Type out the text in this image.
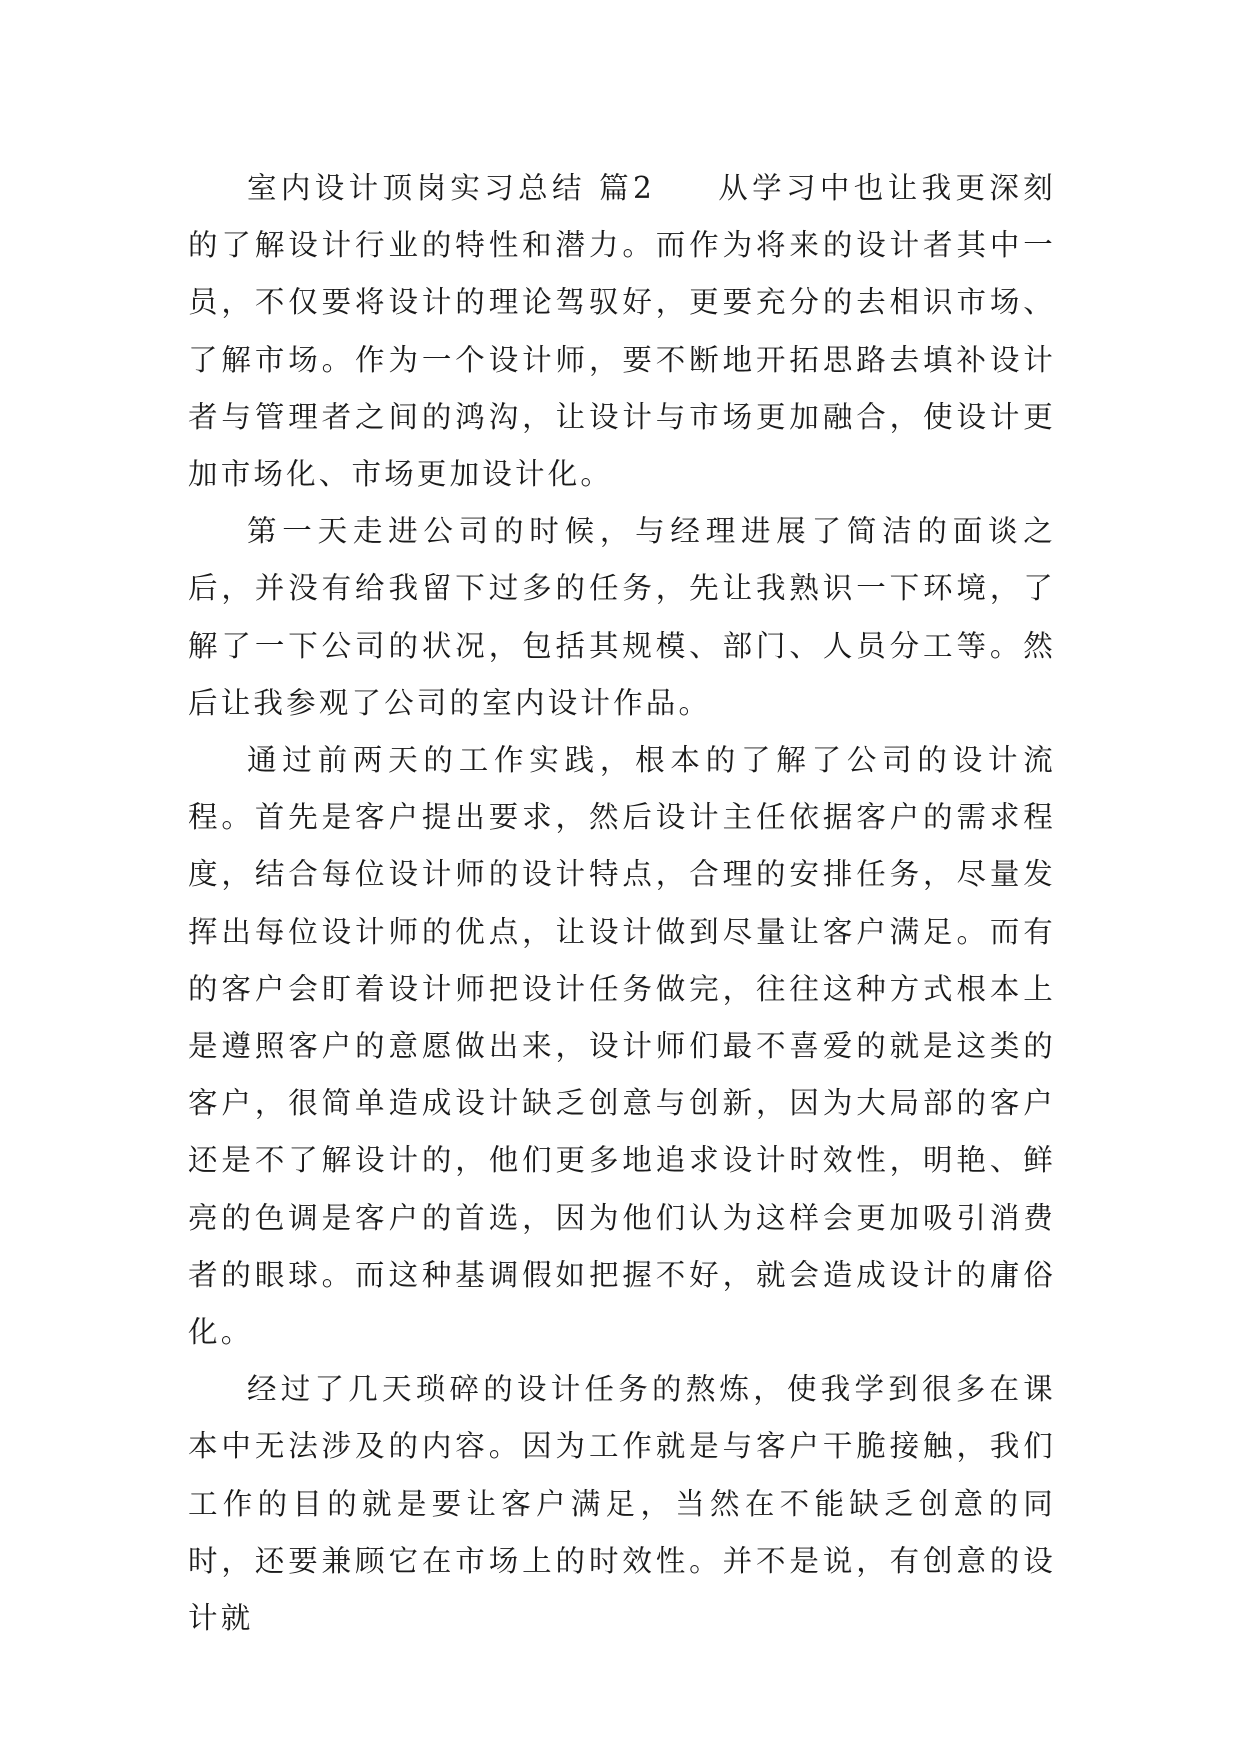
室内设计顶岗实习总结 篇2 从学习中也让我更深刻的了解设计行业的特性和潜力。而作为将来的设计者其中一员，不仅要将设计的理论驾驭好，更要充分的去相识市场、了解市场。作为一个设计师，要不断地开拓思路去填补设计者与管理者之间的鸿沟，让设计与市场更加融合，使设计更加市场化、市场更加设计化。

第一天走进公司的时候，与经理进展了简洁的面谈之后，并没有给我留下过多的任务，先让我熟识一下环境，了解了一下公司的状况，包括其规模、部门、人员分工等。然后让我参观了公司的室内设计作品。

通过前两天的工作实践，根本的了解了公司的设计流程。首先是客户提出要求，然后设计主任依据客户的需求程度，结合每位设计师的设计特点，合理的安排任务，尽量发挥出每位设计师的优点，让设计做到尽量让客户满足。而有的客户会盯着设计师把设计任务做完，往往这种方式根本上是遵照客户的意愿做出来，设计师们最不喜爱的就是这类的客户，很简单造成设计缺乏创意与创新，因为大局部的客户还是不了解设计的，他们更多地追求设计时效性，明艳、鲜亮的色调是客户的首选，因为他们认为这样会更加吸引消费者的眼球。而这种基调假如把握不好，就会造成设计的庸俗化。

经过了几天琐碎的设计任务的熬炼，使我学到很多在课本中无法涉及的内容。因为工作就是与客户干脆接触，我们工作的目的就是要让客户满足，当然在不能缺乏创意的同时，还要兼顾它在市场上的时效性。并不是说，有创意的设计就
